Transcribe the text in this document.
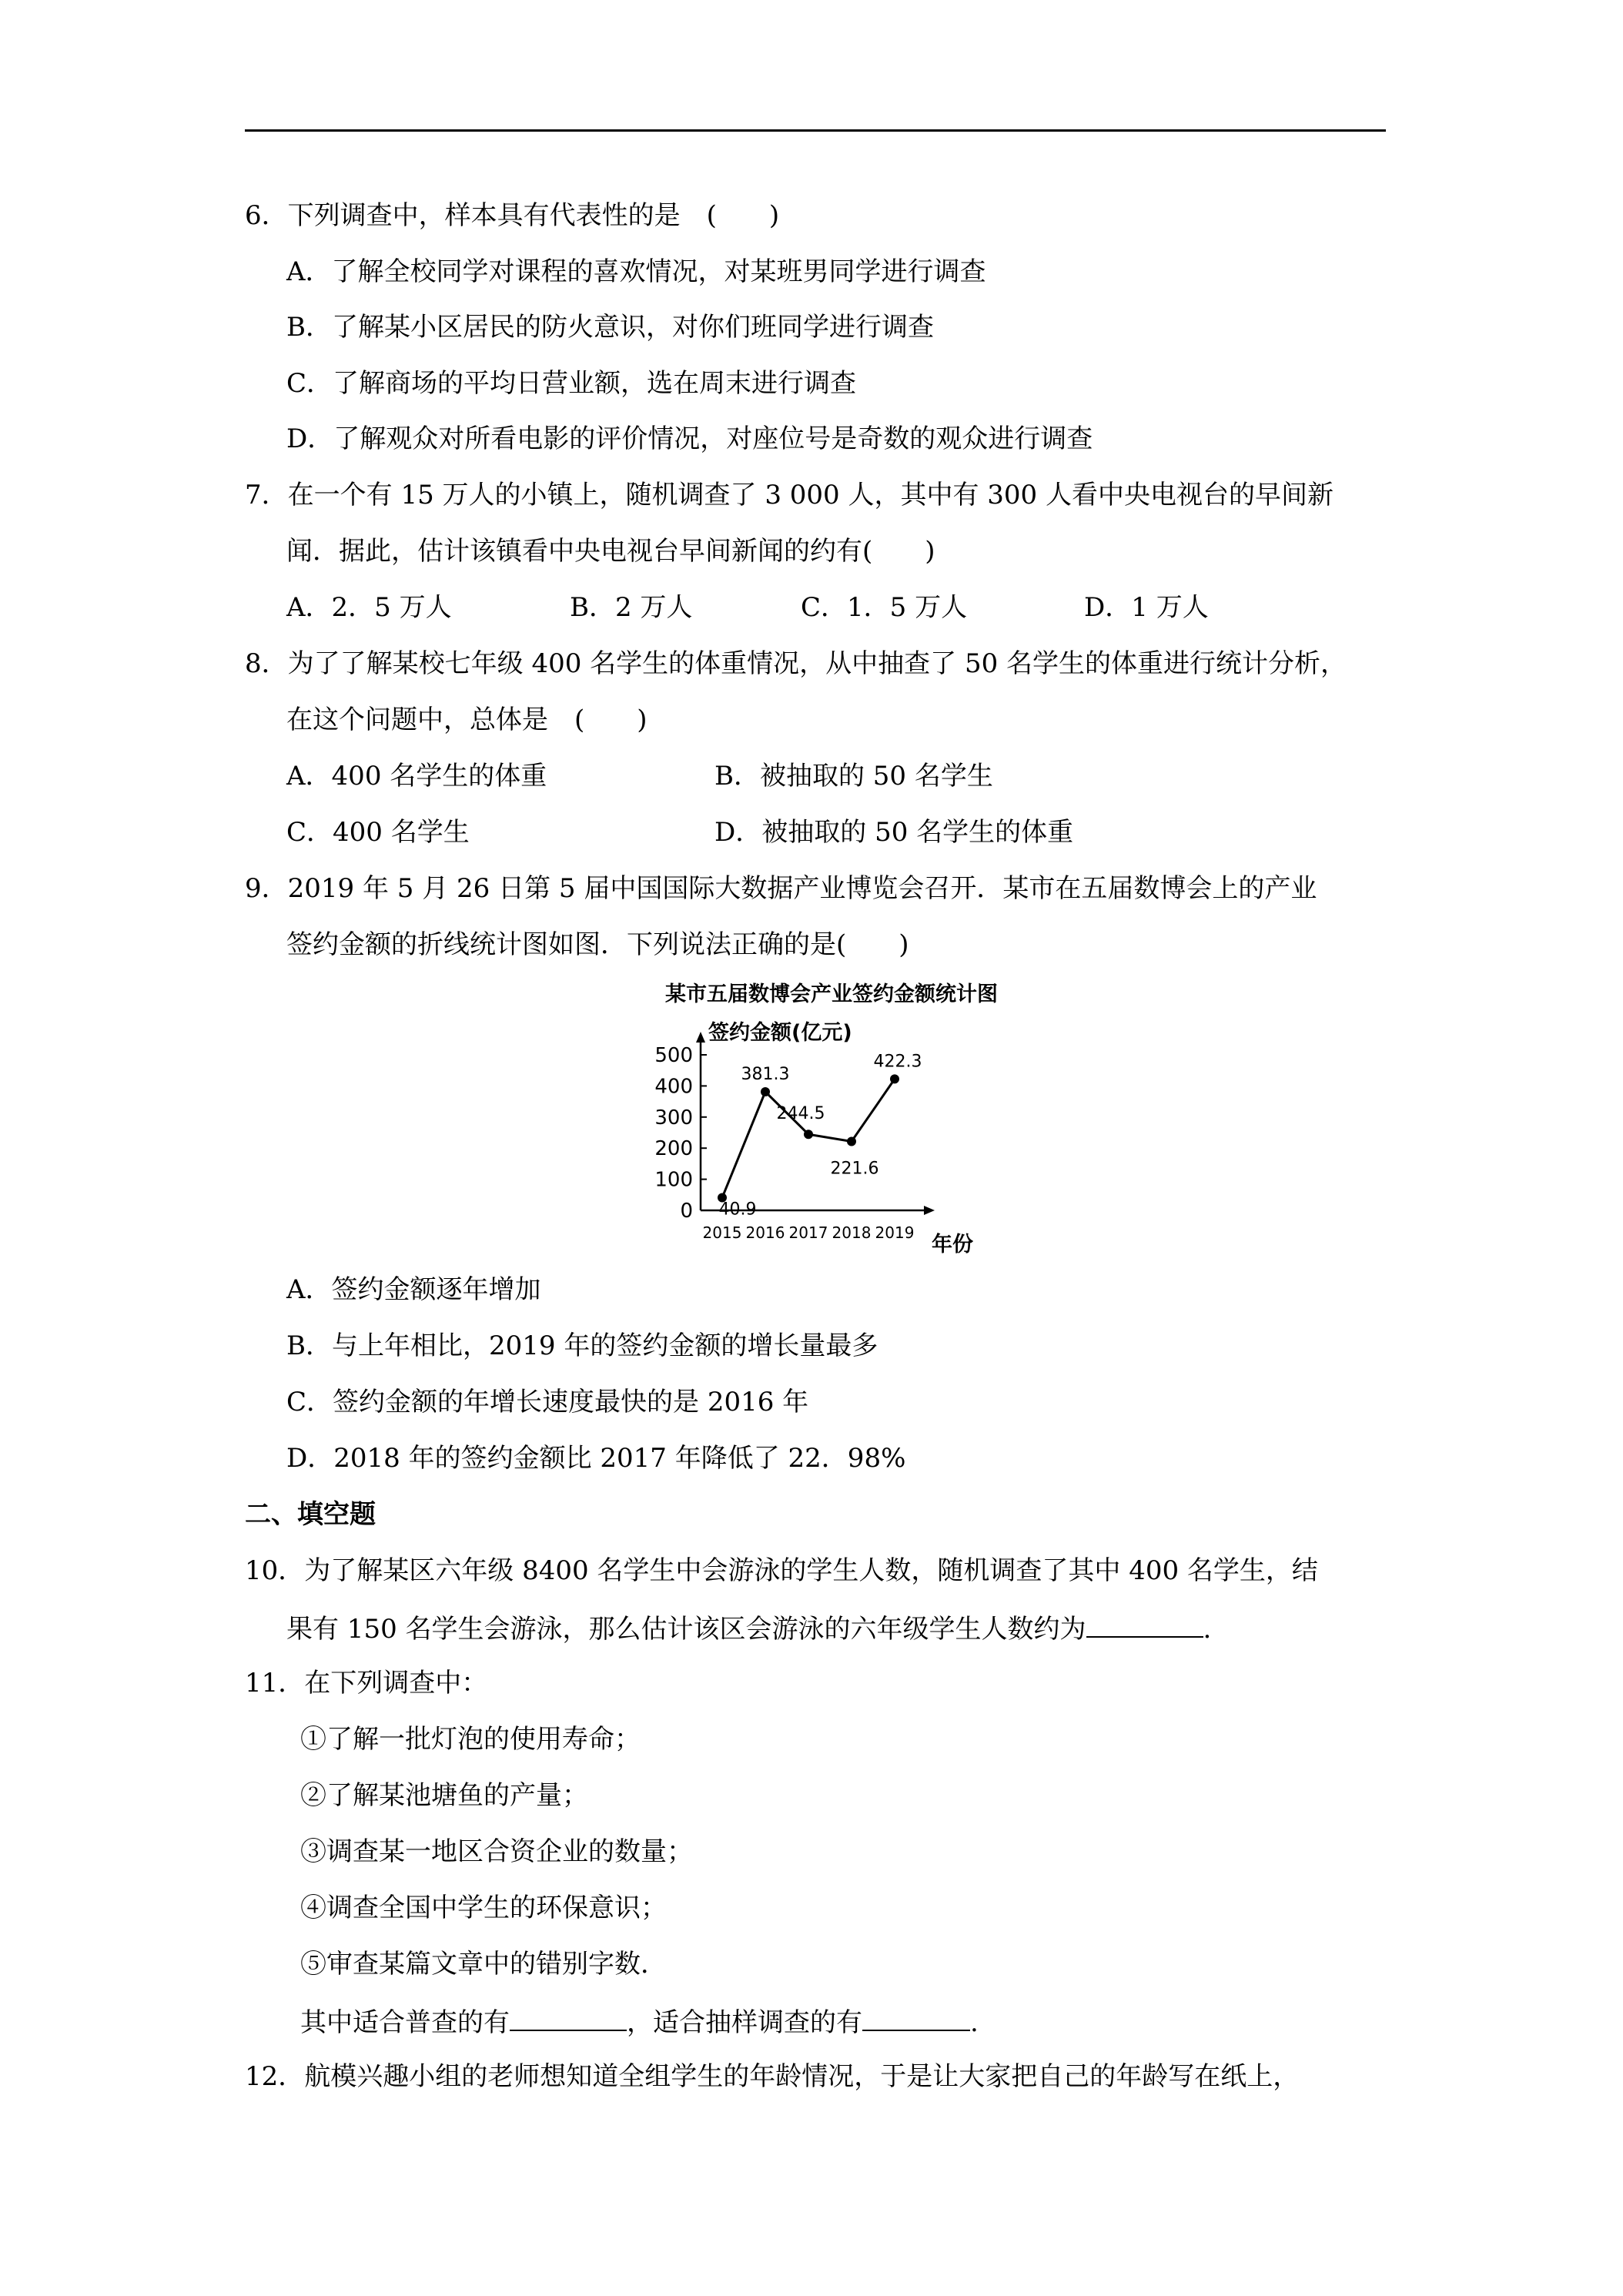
6．下列调查中，样本具有代表性的是　(　　)
A．了解全校同学对课程的喜欢情况，对某班男同学进行调查
B．了解某小区居民的防火意识，对你们班同学进行调查
C．了解商场的平均日营业额，选在周末进行调查
D．了解观众对所看电影的评价情况，对座位号是奇数的观众进行调查
7．在一个有 15 万人的小镇上，随机调查了 3 000 人，其中有 300 人看中央电视台的早间新
闻．据此，估计该镇看中央电视台早间新闻的约有(　　)
A．2．5 万人	B．2 万人	C．1．5 万人	D．1 万人
8．为了了解某校七年级 400 名学生的体重情况，从中抽查了 50 名学生的体重进行统计分析，
在这个问题中，总体是　(　　)
A．400 名学生的体重	B．被抽取的 50 名学生
C．400 名学生	D．被抽取的 50 名学生的体重
9．2019 年 5 月 26 日第 5 届中国国际大数据产业博览会召开．某市在五届数博会上的产业
签约金额的折线统计图如图．下列说法正确的是(　　)
某市五届数博会产业签约金额统计图
签约金额(亿元)
年份
0
100
200
300
400
500
2015 2016 2017 2018 2019
40.9
381.3
244.5
221.6
422.3
A．签约金额逐年增加
B．与上年相比，2019 年的签约金额的增长量最多
C．签约金额的年增长速度最快的是 2016 年
D．2018 年的签约金额比 2017 年降低了 22．98%
二、填空题
10．为了解某区六年级 8400 名学生中会游泳的学生人数，随机调查了其中 400 名学生，结
果有 150 名学生会游泳，那么估计该区会游泳的六年级学生人数约为	.
11．在下列调查中：
①了解一批灯泡的使用寿命；
②了解某池塘鱼的产量；
③调查某一地区合资企业的数量；
④调查全国中学生的环保意识；
⑤审查某篇文章中的错别字数．
其中适合普查的有	，适合抽样调查的有	.
12．航模兴趣小组的老师想知道全组学生的年龄情况，于是让大家把自己的年龄写在纸上，
